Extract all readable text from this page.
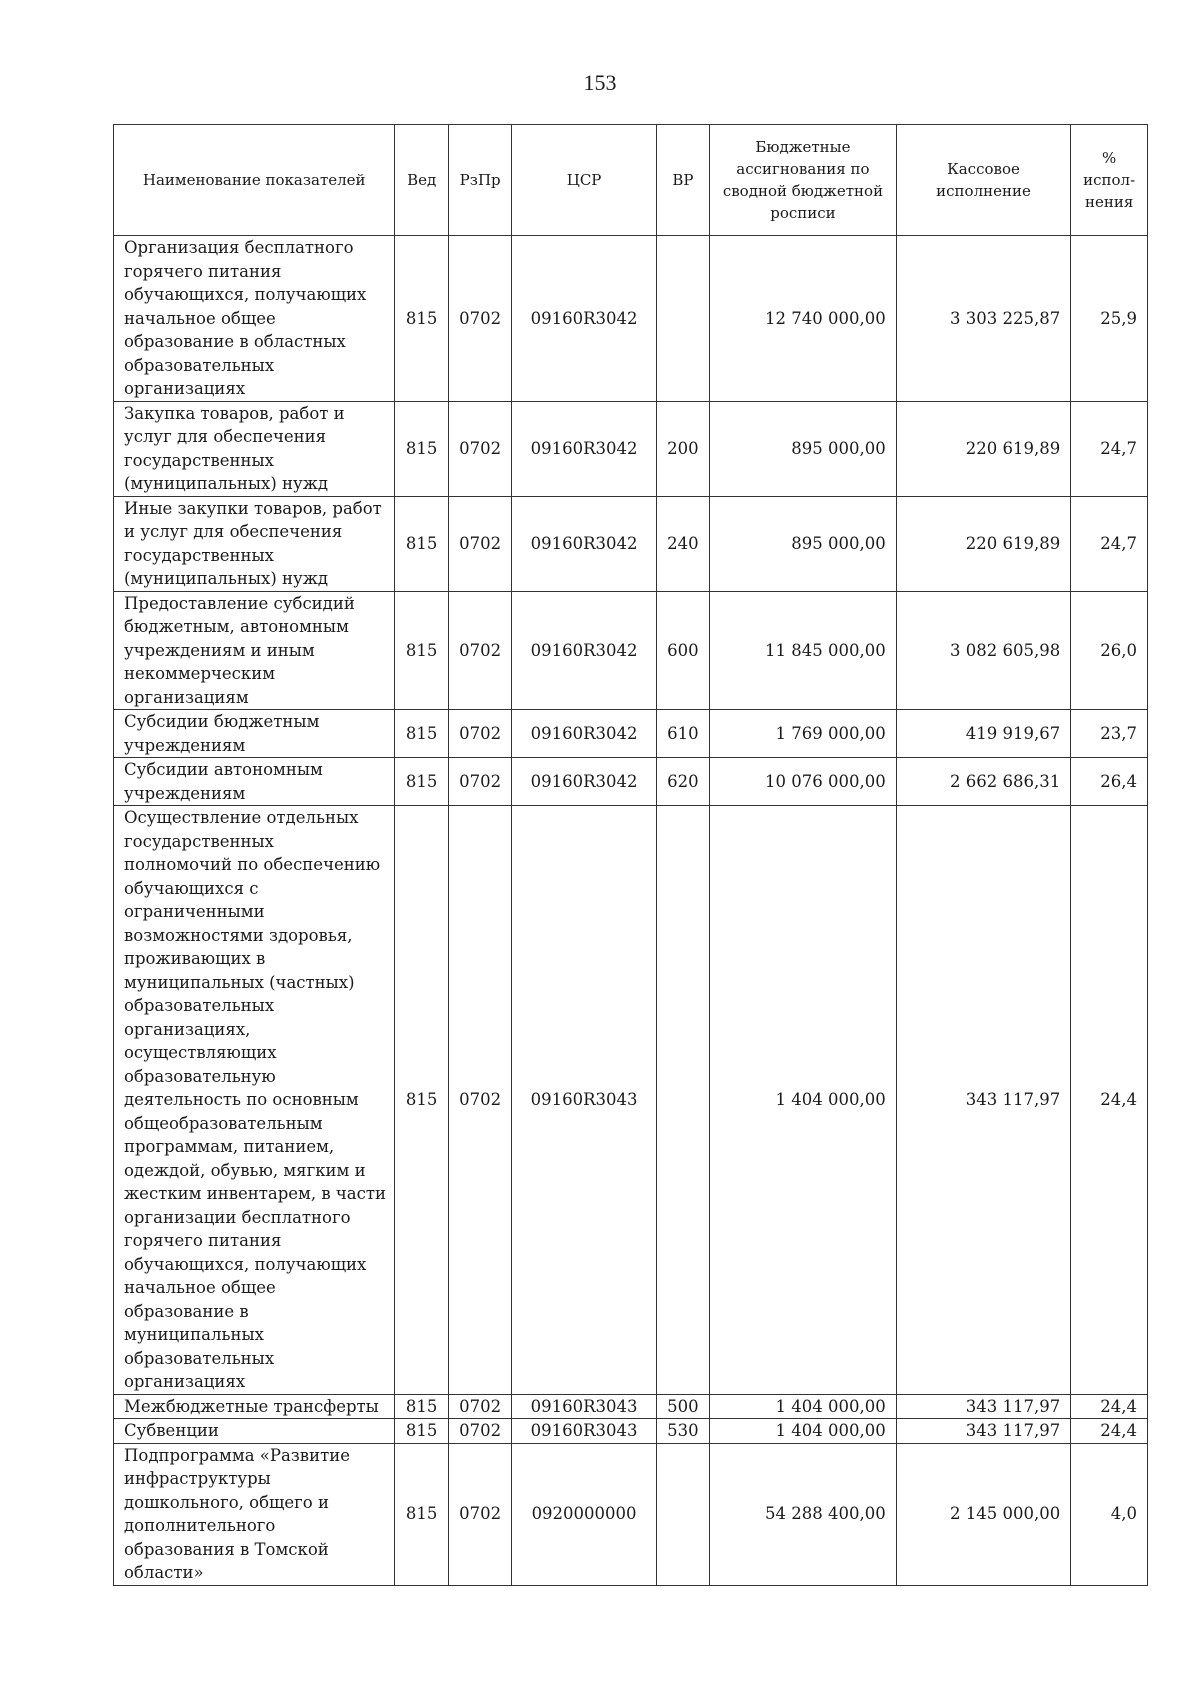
153
Наименование показателей	Вед	РзПр	ЦСР	ВР	Бюджетные ассигнования по сводной бюджетной росписи	Кассовое исполнение	% испол-нения
Организация бесплатного горячего питания обучающихся, получающих начальное общее образование в областных образовательных организациях	815	0702	09160R3042		12 740 000,00	3 303 225,87	25,9
Закупка товаров, работ и услуг для обеспечения государственных (муниципальных) нужд	815	0702	09160R3042	200	895 000,00	220 619,89	24,7
Иные закупки товаров, работ и услуг для обеспечения государственных (муниципальных) нужд	815	0702	09160R3042	240	895 000,00	220 619,89	24,7
Предоставление субсидий бюджетным, автономным учреждениям и иным некоммерческим организациям	815	0702	09160R3042	600	11 845 000,00	3 082 605,98	26,0
Субсидии бюджетным учреждениям	815	0702	09160R3042	610	1 769 000,00	419 919,67	23,7
Субсидии автономным учреждениям	815	0702	09160R3042	620	10 076 000,00	2 662 686,31	26,4
Осуществление отдельных государственных полномочий по обеспечению обучающихся с ограниченными возможностями здоровья, проживающих в муниципальных (частных) образовательных организациях, осуществляющих образовательную деятельность по основным общеобразовательным программам, питанием, одеждой, обувью, мягким и жестким инвентарем, в части организации бесплатного горячего питания обучающихся, получающих начальное общее образование в муниципальных образовательных организациях	815	0702	09160R3043		1 404 000,00	343 117,97	24,4
Межбюджетные трансферты	815	0702	09160R3043	500	1 404 000,00	343 117,97	24,4
Субвенции	815	0702	09160R3043	530	1 404 000,00	343 117,97	24,4
Подпрограмма «Развитие инфраструктуры дошкольного, общего и дополнительного образования в Томской области»	815	0702	0920000000		54 288 400,00	2 145 000,00	4,0
